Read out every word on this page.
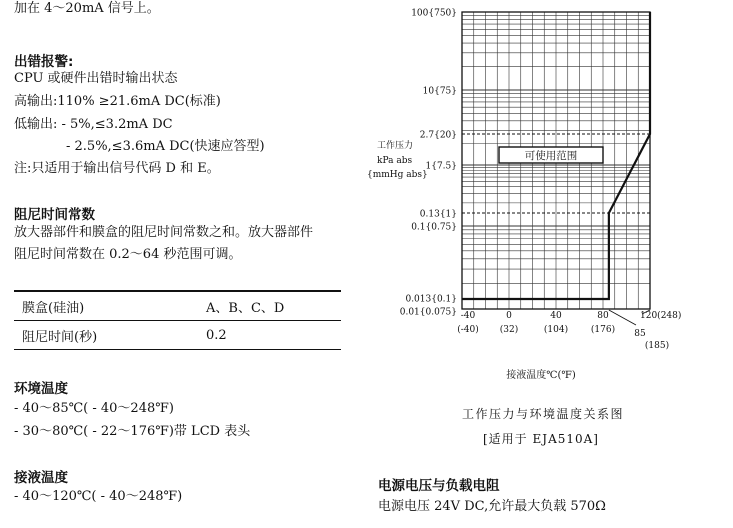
加在 4～20mA 信号上。
出错报警:
CPU 或硬件出错时输出状态
高输出:110% ≥21.6mA DC(标准)
低输出: - 5%,≤3.2mA DC
- 2.5%,≤3.6mA DC(快速应答型)
注:只适用于输出信号代码 D 和 E。
阻尼时间常数
放大器部件和膜盒的阻尼时间常数之和。放大器部件
阻尼时间常数在 0.2～64 秒范围可调。
膜盒(硅油)	A、B、C、D
阻尼时间(秒)	0.2
环境温度
- 40～85℃( - 40～248℉)
- 30～80℃( - 22～176℉)带 LCD 表头
接液温度
- 40～120℃( - 40～248℉)
可使用范围
100{750}
10{75}
2.7{20}
1{7.5}
0.13{1}
0.1{0.75}
0.013{0.1}
0.01{0.075}
工作压力
kPa abs
{mmHg abs}
-40
(-40)
0
(32)
40
(104)
80
(176) 85
(185)
120(248)
接液温度℃(℉)
工作压力与环境温度关系图
[适用于 EJA510A]
电源电压与负载电阻
电源电压 24V DC,允许最大负载 570Ω
